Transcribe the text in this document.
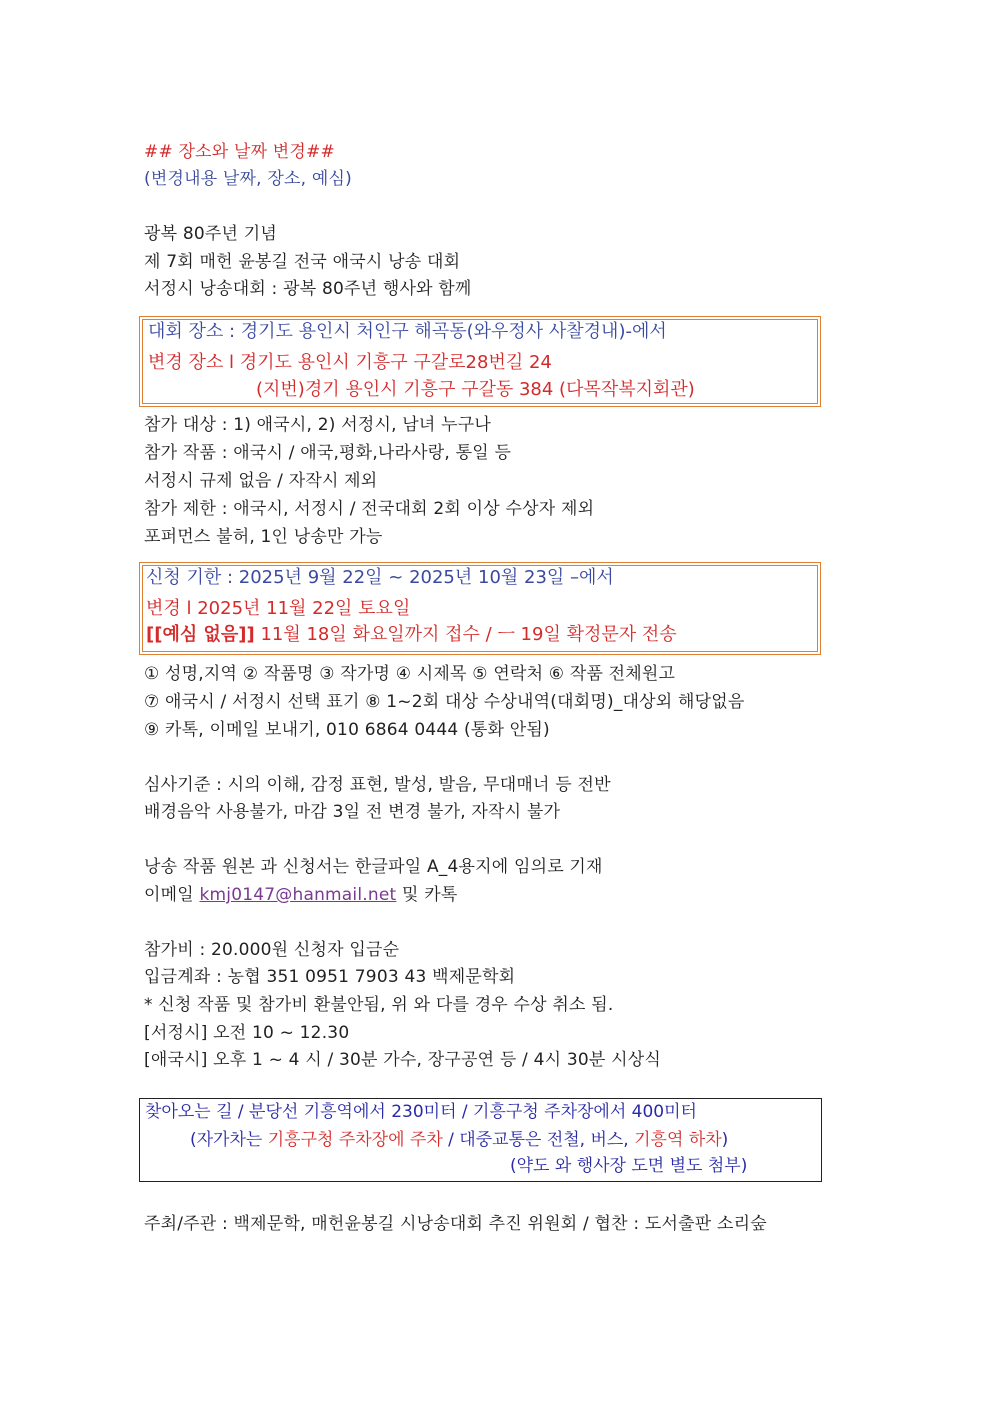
## 장소와 날짜 변경##
(변경내용 날짜, 장소, 예심)
광복 80주년 기념
제 7회 매헌 윤봉길 전국 애국시 낭송 대회
서정시 낭송대회 : 광복 80주년 행사와 함께
대회 장소 : 경기도 용인시 처인구 해곡동(와우정사 사찰경내)-에서
변경 장소 l 경기도 용인시 기흥구 구갈로28번길 24
(지번)경기 용인시 기흥구 구갈동 384 (다목작복지회관)
참가 대상 : 1) 애국시, 2) 서정시, 남녀 누구나
참가 작품 : 애국시 / 애국,평화,나라사랑, 통일 등
서정시 규제 없음 / 자작시 제외
참가 제한 : 애국시, 서정시 / 전국대회 2회 이상 수상자 제외
포퍼먼스 불허, 1인 낭송만 가능
신청 기한 : 2025년 9월 22일 ~ 2025년 10월 23일 –에서
변경 l 2025년 11월 22일 토요일
[[예심 없음]] 11월 18일 화요일까지 접수 / ㅡ 19일 확정문자 전송
① 성명,지역 ② 작품명 ③ 작가명 ④ 시제목 ⑤ 연락처 ⑥ 작품 전체원고
⑦ 애국시 / 서정시 선택 표기 ⑧ 1~2회 대상 수상내역(대회명)_대상외 해당없음
⑨ 카톡, 이메일 보내기, 010 6864 0444 (통화 안됨)
심사기준 : 시의 이해, 감정 표현, 발성, 발음, 무대매너 등 전반
배경음악 사용불가, 마감 3일 전 변경 불가, 자작시 불가
낭송 작품 원본 과 신청서는 한글파일 A_4용지에 임의로 기재
이메일 kmj0147@hanmail.net 및 카톡
참가비 : 20.000원 신청자 입금순
입금계좌 : 농협 351 0951 7903 43 백제문학회
* 신청 작품 및 참가비 환불안됨, 위 와 다를 경우 수상 취소 됨.
[서정시] 오전 10 ~ 12.30
[애국시] 오후 1 ~ 4 시 / 30분 가수, 장구공연 등 / 4시 30분 시상식
찾아오는 길 / 분당선 기흥역에서 230미터 / 기흥구청 주차장에서 400미터
(자가차는 기흥구청 주차장에 주차 / 대중교통은 전철, 버스, 기흥역 하차)
(약도 와 행사장 도면 별도 첨부)
주최/주관 : 백제문학, 매헌윤봉길 시낭송대회 추진 위원회 / 협찬 : 도서출판 소리숲
